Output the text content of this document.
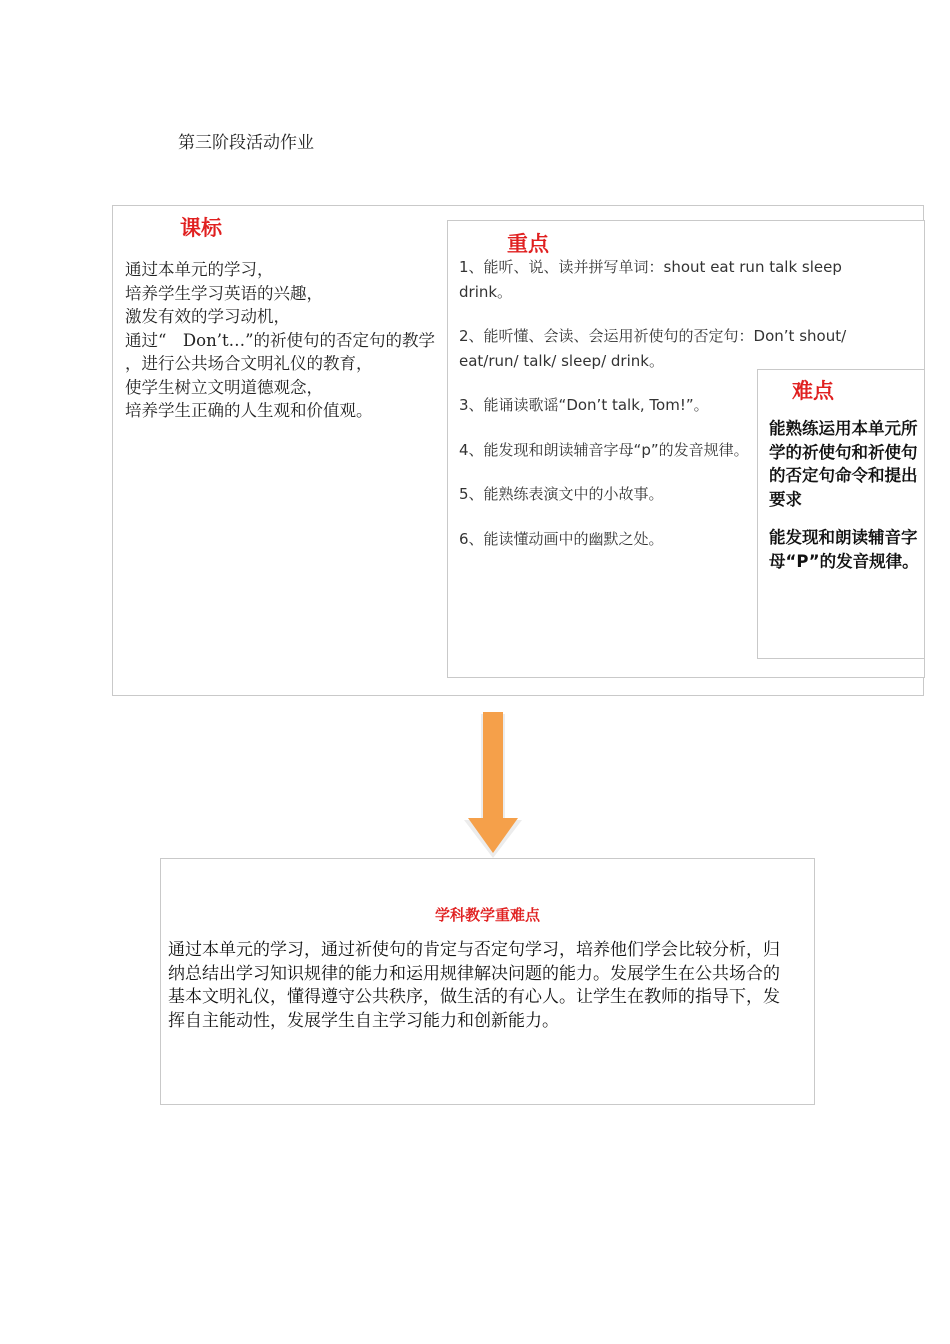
第三阶段活动作业
课标
通过本单元的学习，
培养学生学习英语的兴趣，
激发有效的学习动机，
通过“　Don’t…”的祈使句的否定句的教学
，进行公共场合文明礼仪的教育，
使学生树立文明道德观念，
培养学生正确的人生观和价值观。
重点
1、能听、说、读并拼写单词：shout eat run talk sleep
drink。
2、能听懂、会读、会运用祈使句的否定句：Don’t shout/
eat/run/ talk/ sleep/ drink。
3、能诵读歌谣“Don’t talk, Tom!”。
4、能发现和朗读辅音字母“p”的发音规律。
5、能熟练表演文中的小故事。
6、能读懂动画中的幽默之处。
难点
能熟练运用本单元所学的祈使句和祈使句的否定句命令和提出要求
能发现和朗读辅音字母“P”的发音规律。
学科教学重难点
通过本单元的学习，通过祈使句的肯定与否定句学习，培养他们学会比较分析，归
纳总结出学习知识规律的能力和运用规律解决问题的能力。发展学生在公共场合的
基本文明礼仪，懂得遵守公共秩序，做生活的有心人。让学生在教师的指导下，发
挥自主能动性，发展学生自主学习能力和创新能力。
